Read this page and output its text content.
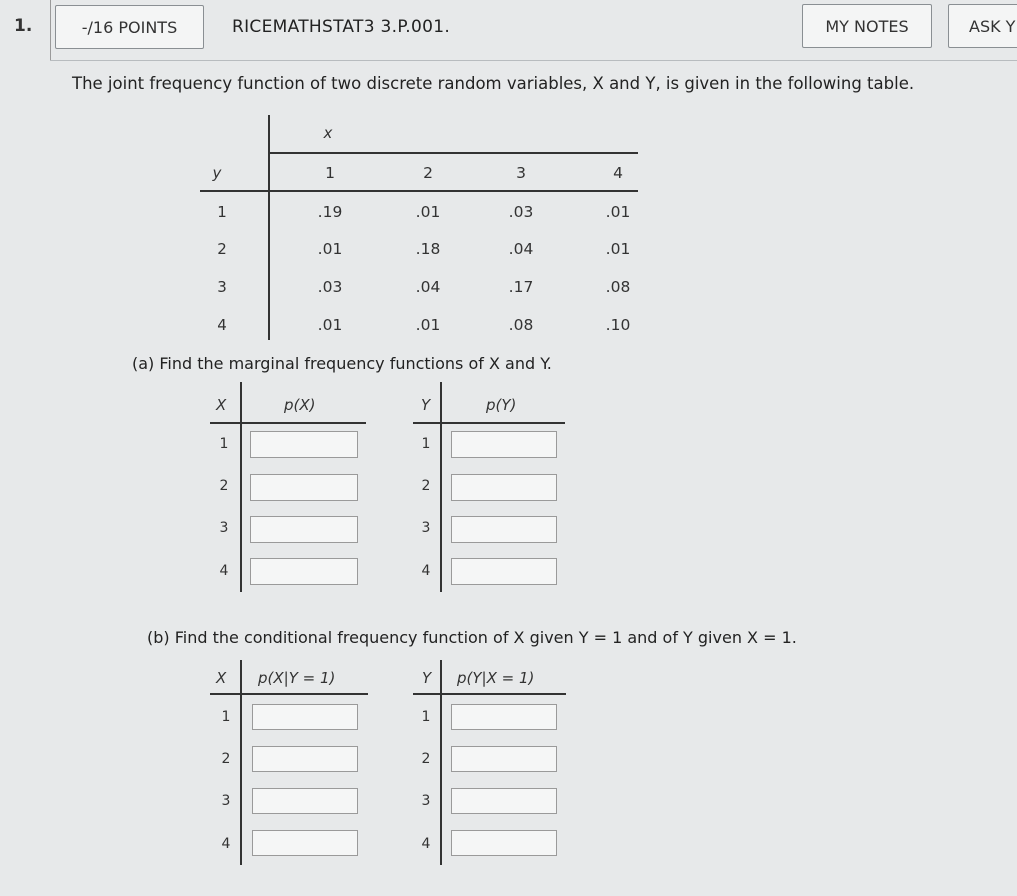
1.	-/16 POINTS	RICEMATHSTAT3 3.P.001.	MY NOTES	ASK Y
The joint frequency function of two discrete random variables, X and Y, is given in the following table.
x
y	1	2	3	4
1	.19	.01	.03	.01
2	.01	.18	.04	.01
3	.03	.04	.17	.08
4	.01	.01	.08	.10
(a) Find the marginal frequency functions of X and Y.
X	p(X)
1
2
3
4
Y	p(Y)
1
2
3
4
(b) Find the conditional frequency function of X given Y = 1 and of Y given X = 1.
X p(X|Y = 1)
1
2
3
4
Y p(Y|X = 1)
1
2
3
4
